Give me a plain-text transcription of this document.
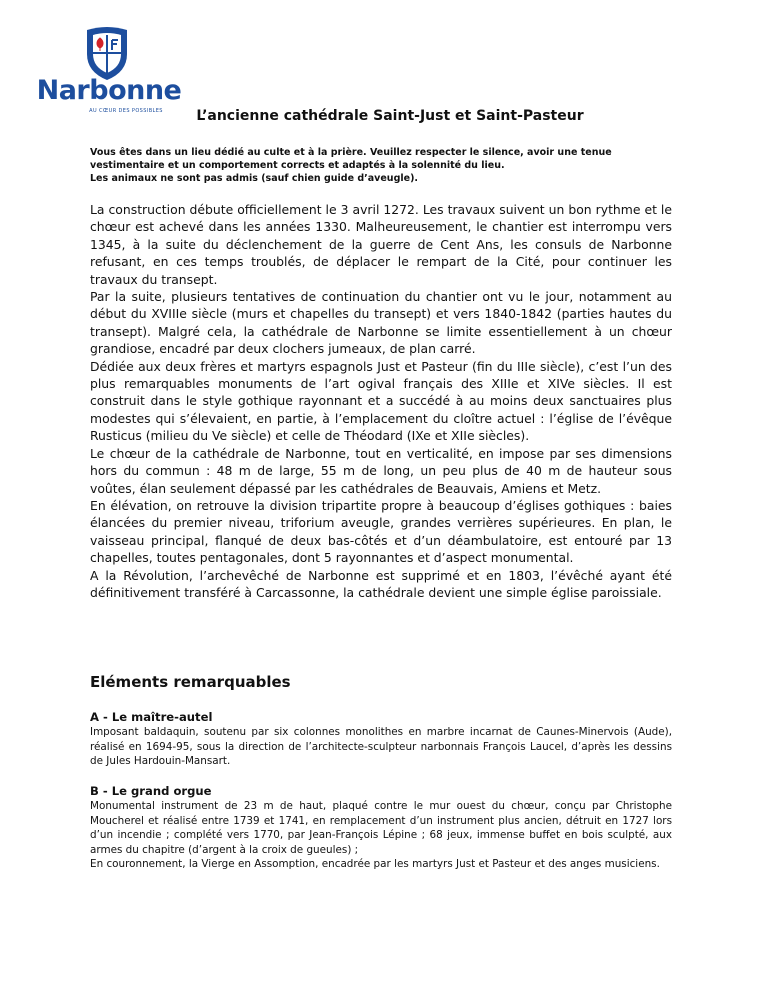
Narbonne
AU CŒUR DES POSSIBLES	L’ancienne cathédrale Saint-Just et Saint-Pasteur
Vous êtes dans un lieu dédié au culte et à la prière. Veuillez respecter le silence, avoir une tenue
vestimentaire et un comportement corrects et adaptés à la solennité du lieu.
Les animaux ne sont pas admis (sauf chien guide d’aveugle).

La construction débute officiellement le 3 avril 1272. Les travaux suivent un bon rythme et le chœur est achevé dans les années 1330. Malheureusement, le chantier est interrompu vers 1345, à la suite du déclenchement de la guerre de Cent Ans, les consuls de Narbonne refusant, en ces temps troublés, de déplacer le rempart de la Cité, pour continuer les travaux du transept.

Par la suite, plusieurs tentatives de continuation du chantier ont vu le jour, notamment au début du XVIIIe siècle (murs et chapelles du transept) et vers 1840-1842 (parties hautes du transept). Malgré cela, la cathédrale de Narbonne se limite essentiellement à un chœur grandiose, encadré par deux clochers jumeaux, de plan carré.

Dédiée aux deux frères et martyrs espagnols Just et Pasteur (fin du IIIe siècle), c’est l’un des plus remarquables monuments de l’art ogival français des XIIIe et XIVe siècles. Il est construit dans le style gothique rayonnant et a succédé à au moins deux sanctuaires plus modestes qui s’élevaient, en partie, à l’emplacement du cloître actuel : l’église de l’évêque Rusticus (milieu du Ve siècle) et celle de Théodard (IXe et XIIe siècles).

Le chœur de la cathédrale de Narbonne, tout en verticalité, en impose par ses dimensions hors du commun : 48 m de large, 55 m de long, un peu plus de 40 m de hauteur sous voûtes, élan seulement dépassé par les cathédrales de Beauvais, Amiens et Metz.

En élévation, on retrouve la division tripartite propre à beaucoup d’églises gothiques : baies élancées du premier niveau, triforium aveugle, grandes verrières supérieures. En plan, le vaisseau principal, flanqué de deux bas-côtés et d’un déambulatoire, est entouré par 13 chapelles, toutes pentagonales, dont 5 rayonnantes et d’aspect monumental.

A la Révolution, l’archevêché de Narbonne est supprimé et en 1803, l’évêché ayant été définitivement transféré à Carcassonne, la cathédrale devient une simple église paroissiale.

Eléments remarquables
A - Le maître-autel

Imposant baldaquin, soutenu par six colonnes monolithes en marbre incarnat de Caunes-Minervois (Aude), réalisé en 1694-95, sous la direction de l’architecte-sculpteur narbonnais François Laucel, d’après les dessins de Jules Hardouin-Mansart.

B - Le grand orgue

Monumental instrument de 23 m de haut, plaqué contre le mur ouest du chœur, conçu par Christophe Moucherel et réalisé entre 1739 et 1741, en remplacement d’un instrument plus ancien, détruit en 1727 lors d’un incendie ; complété vers 1770, par Jean-François Lépine ; 68 jeux, immense buffet en bois sculpté, aux armes du chapitre (d’argent à la croix de gueules) ;

En couronnement, la Vierge en Assomption, encadrée par les martyrs Just et Pasteur et des anges musiciens.
